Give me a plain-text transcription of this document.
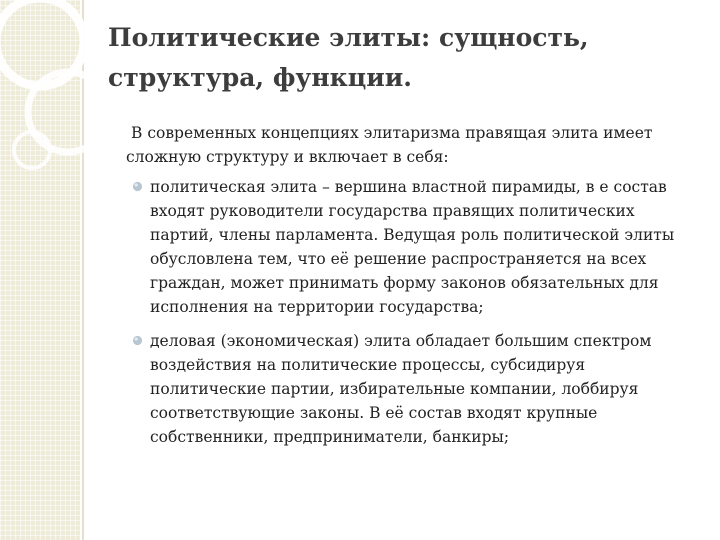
Политические элиты: сущность,
структура, функции.

В современных концепциях элитаризма правящая элита имеет
сложную структуру и включает в себя:

политическая элита – вершина властной пирамиды, в е состав
входят руководители государства правящих политических
партий, члены парламента. Ведущая роль политической элиты
обусловлена тем, что её решение распространяется на всех
граждан, может принимать форму законов обязательных для
исполнения на территории государства;
деловая (экономическая) элита обладает большим спектром
воздействия на политические процессы, субсидируя
политические партии, избирательные компании, лоббируя
соответствующие законы. В её состав входят крупные
собственники, предприниматели, банкиры;
